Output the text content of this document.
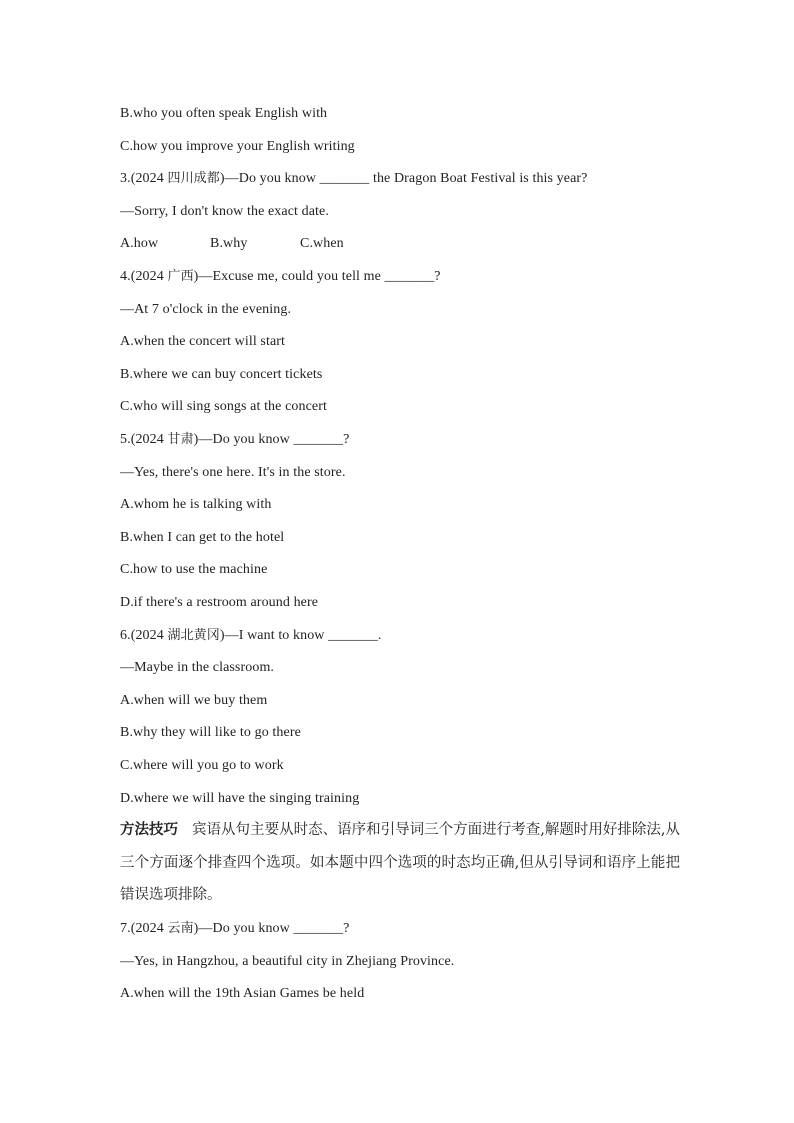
B.who you often speak English with
C.how you improve your English writing
3.(2024 四川成都)—Do you know _______ the Dragon Boat Festival is this year?
—Sorry, I don't know the exact date.
A.how	B.why	C.when
4.(2024 广西)—Excuse me, could you tell me _______?
—At 7 o'clock in the evening.
A.when the concert will start
B.where we can buy concert tickets
C.who will sing songs at the concert
5.(2024 甘肃)—Do you know _______?
—Yes, there's one here. It's in the store.
A.whom he is talking with
B.when I can get to the hotel
C.how to use the machine
D.if there's a restroom around here
6.(2024 湖北黄冈)—I want to know _______.
—Maybe in the classroom.
A.when will we buy them
B.why they will like to go there
C.where will you go to work
D.where we will have the singing training
方法技巧 宾语从句主要从时态、语序和引导词三个方面进行考查,解题时用好排除法,从三个方面逐个排查四个选项。如本题中四个选项的时态均正确,但从引导词和语序上能把错误选项排除。
7.(2024 云南)—Do you know _______?
—Yes, in Hangzhou, a beautiful city in Zhejiang Province.
A.when will the 19th Asian Games be held
